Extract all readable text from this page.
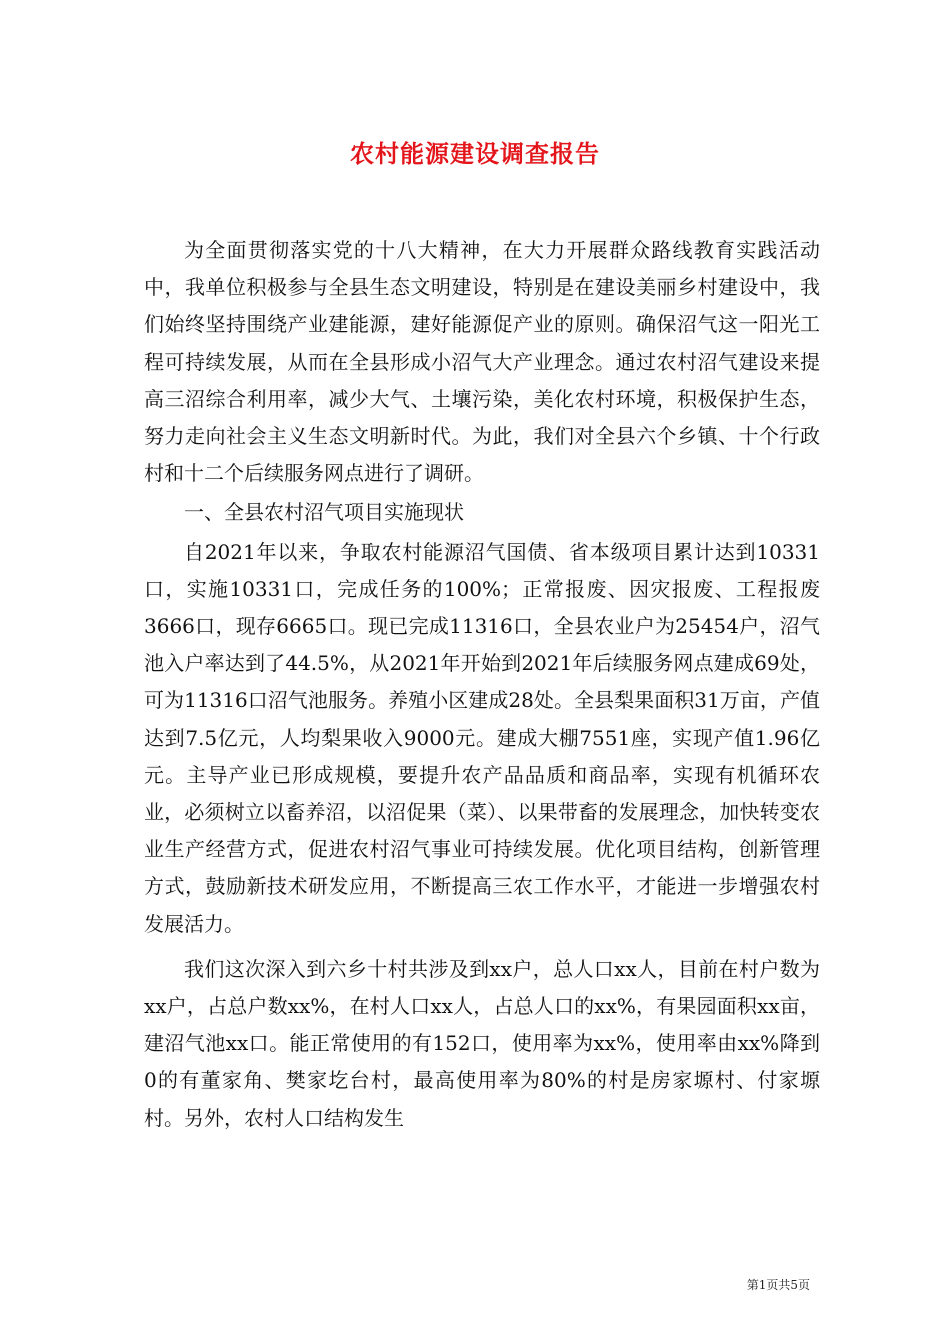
农村能源建设调查报告

为全面贯彻落实党的十八大精神，在大力开展群众路线教育实践活动中，我单位积极参与全县生态文明建设，特别是在建设美丽乡村建设中，我们始终坚持围绕产业建能源，建好能源促产业的原则。确保沼气这一阳光工程可持续发展，从而在全县形成小沼气大产业理念。通过农村沼气建设来提高三沼综合利用率，减少大气、土壤污染，美化农村环境，积极保护生态，努力走向社会主义生态文明新时代。为此，我们对全县六个乡镇、十个行政村和十二个后续服务网点进行了调研。

一、全县农村沼气项目实施现状

自2021年以来，争取农村能源沼气国债、省本级项目累计达到10331口，实施10331口，完成任务的100%；正常报废、因灾报废、工程报废3666口，现存6665口。现已完成11316口，全县农业户为25454户，沼气池入户率达到了44.5%，从2021年开始到2021年后续服务网点建成69处，可为11316口沼气池服务。养殖小区建成28处。全县梨果面积31万亩，产值达到7.5亿元，人均梨果收入9000元。建成大棚7551座，实现产值1.96亿元。主导产业已形成规模，要提升农产品品质和商品率，实现有机循环农业，必须树立以畜养沼，以沼促果（菜）、以果带畜的发展理念，加快转变农业生产经营方式，促进农村沼气事业可持续发展。优化项目结构，创新管理方式，鼓励新技术研发应用，不断提高三农工作水平，才能进一步增强农村发展活力。

我们这次深入到六乡十村共涉及到xx户，总人口xx人，目前在村户数为xx户，占总户数xx%，在村人口xx人，占总人口的xx%，有果园面积xx亩，建沼气池xx口。能正常使用的有152口，使用率为xx%，使用率由xx%降到0的有董家角、樊家圪台村，最高使用率为80%的村是房家塬村、付家塬村。另外，农村人口结构发生

第1页共5页
